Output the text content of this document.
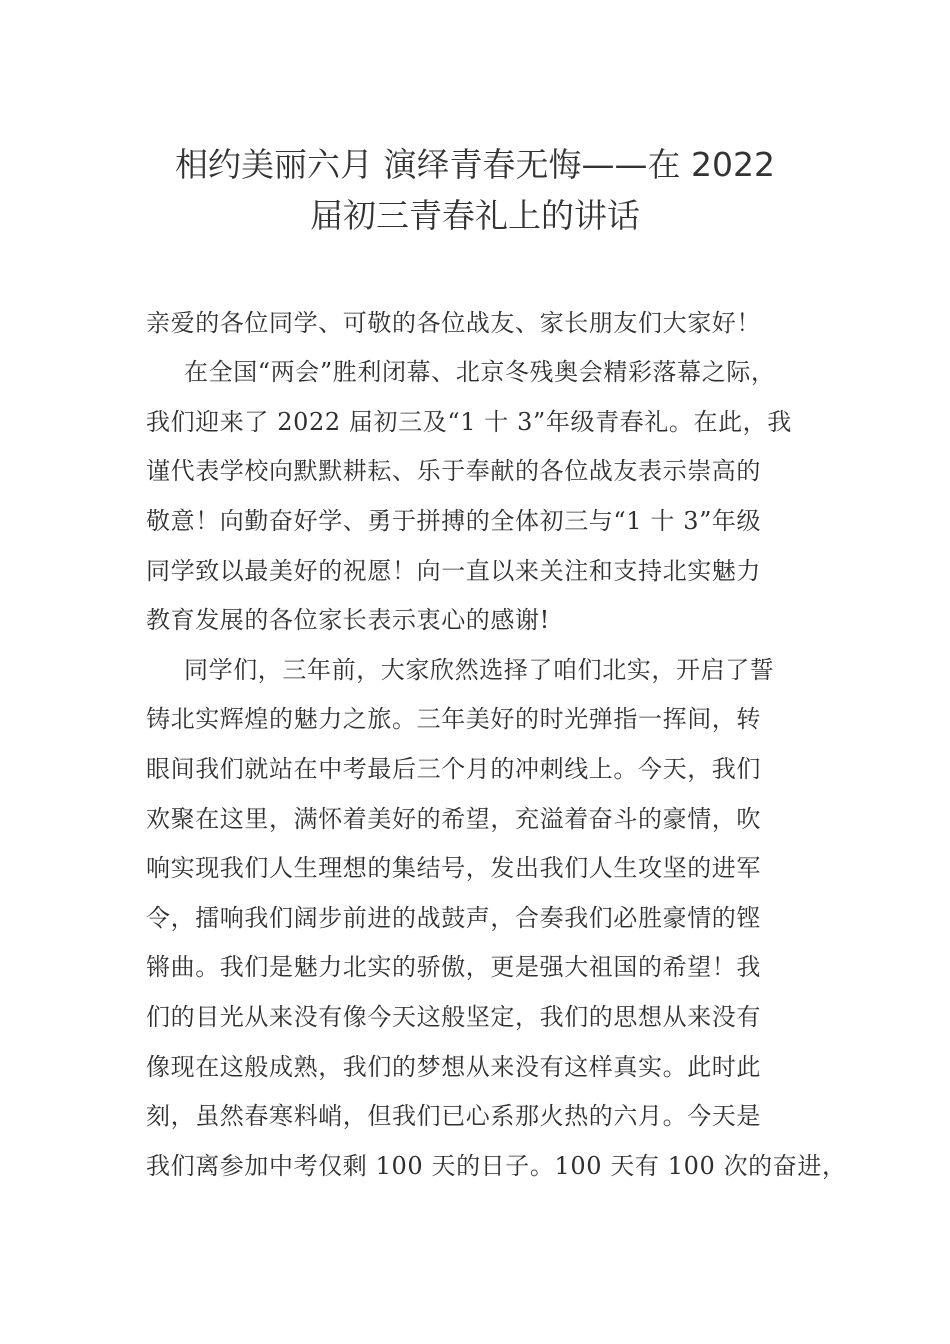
相约美丽六月 演绎青春无悔——在 2022
届初三青春礼上的讲话
亲爱的各位同学、可敬的各位战友、家长朋友们大家好！
在全国“两会”胜利闭幕、北京冬残奥会精彩落幕之际，
我们迎来了 2022 届初三及“1 十 3”年级青春礼。在此，我
谨代表学校向默默耕耘、乐于奉献的各位战友表示崇高的
敬意！向勤奋好学、勇于拼搏的全体初三与“1 十 3”年级
同学致以最美好的祝愿！向一直以来关注和支持北实魅力
教育发展的各位家长表示衷心的感谢!
同学们，三年前，大家欣然选择了咱们北实，开启了誓
铸北实辉煌的魅力之旅。三年美好的时光弹指一挥间，转
眼间我们就站在中考最后三个月的冲刺线上。今天，我们
欢聚在这里，满怀着美好的希望，充溢着奋斗的豪情，吹
响实现我们人生理想的集结号，发出我们人生攻坚的进军
令，擂响我们阔步前进的战鼓声，合奏我们必胜豪情的铿
锵曲。我们是魅力北实的骄傲，更是强大祖国的希望！我
们的目光从来没有像今天这般坚定，我们的思想从来没有
像现在这般成熟，我们的梦想从来没有这样真实。此时此
刻，虽然春寒料峭，但我们已心系那火热的六月。今天是
我们离参加中考仅剩 100 天的日子。100 天有 100 次的奋进，
